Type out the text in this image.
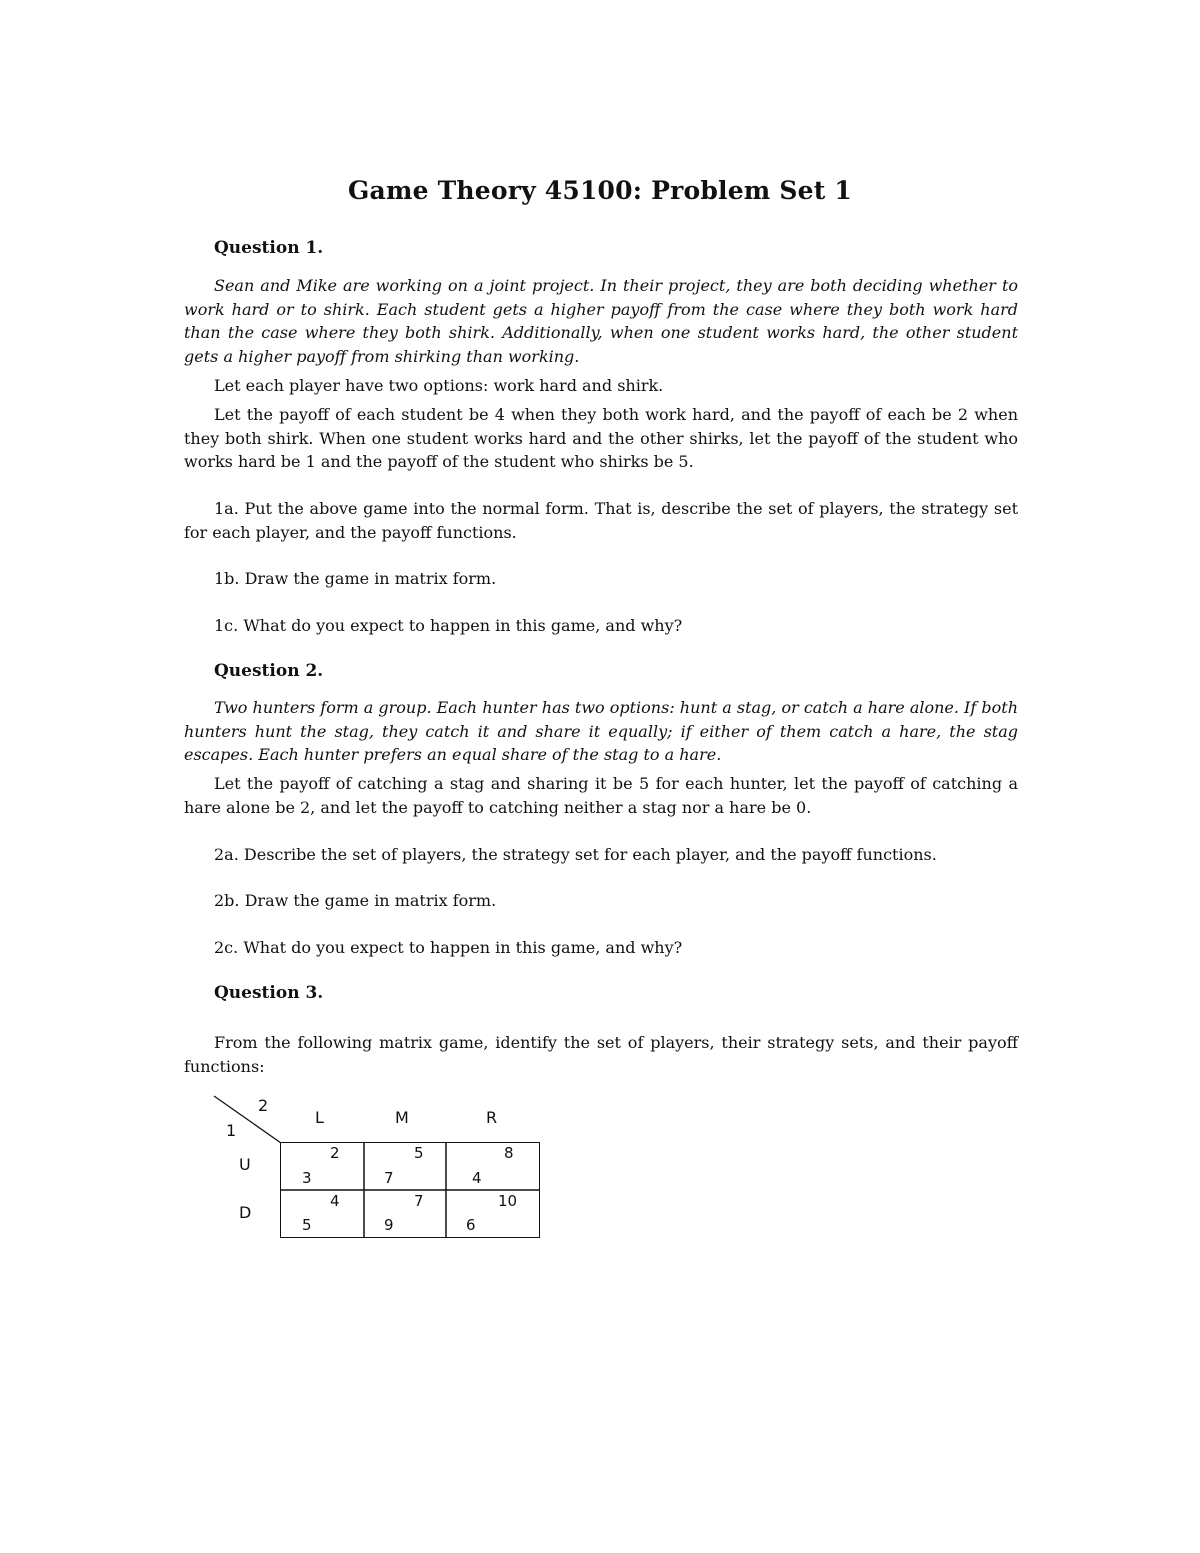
Game Theory 45100: Problem Set 1
Question 1.

Sean and Mike are working on a joint project. In their project, they are both deciding whether to work hard or to shirk. Each student gets a higher payoff from the case where they both work hard than the case where they both shirk. Additionally, when one student works hard, the other student gets a higher payoff from shirking than working.

Let each player have two options: work hard and shirk.

Let the payoff of each student be 4 when they both work hard, and the payoff of each be 2 when they both shirk. When one student works hard and the other shirks, let the payoff of the student who works hard be 1 and the payoff of the student who shirks be 5.

1a. Put the above game into the normal form. That is, describe the set of players, the strategy set for each player, and the payoff functions.

1b. Draw the game in matrix form.

1c. What do you expect to happen in this game, and why?

Question 2.

Two hunters form a group. Each hunter has two options: hunt a stag, or catch a hare alone. If both hunters hunt the stag, they catch it and share it equally; if either of them catch a hare, the stag escapes. Each hunter prefers an equal share of the stag to a hare.

Let the payoff of catching a stag and sharing it be 5 for each hunter, let the payoff of catching a hare alone be 2, and let the payoff to catching neither a stag nor a hare be 0.

2a. Describe the set of players, the strategy set for each player, and the payoff functions.

2b. Draw the game in matrix form.

2c. What do you expect to happen in this game, and why?

Question 3.

From the following matrix game, identify the set of players, their strategy sets, and their payoff functions:

2
1
L	M	R
U
D
2
3
5
7
8
4
4
5
7
9
10
6
